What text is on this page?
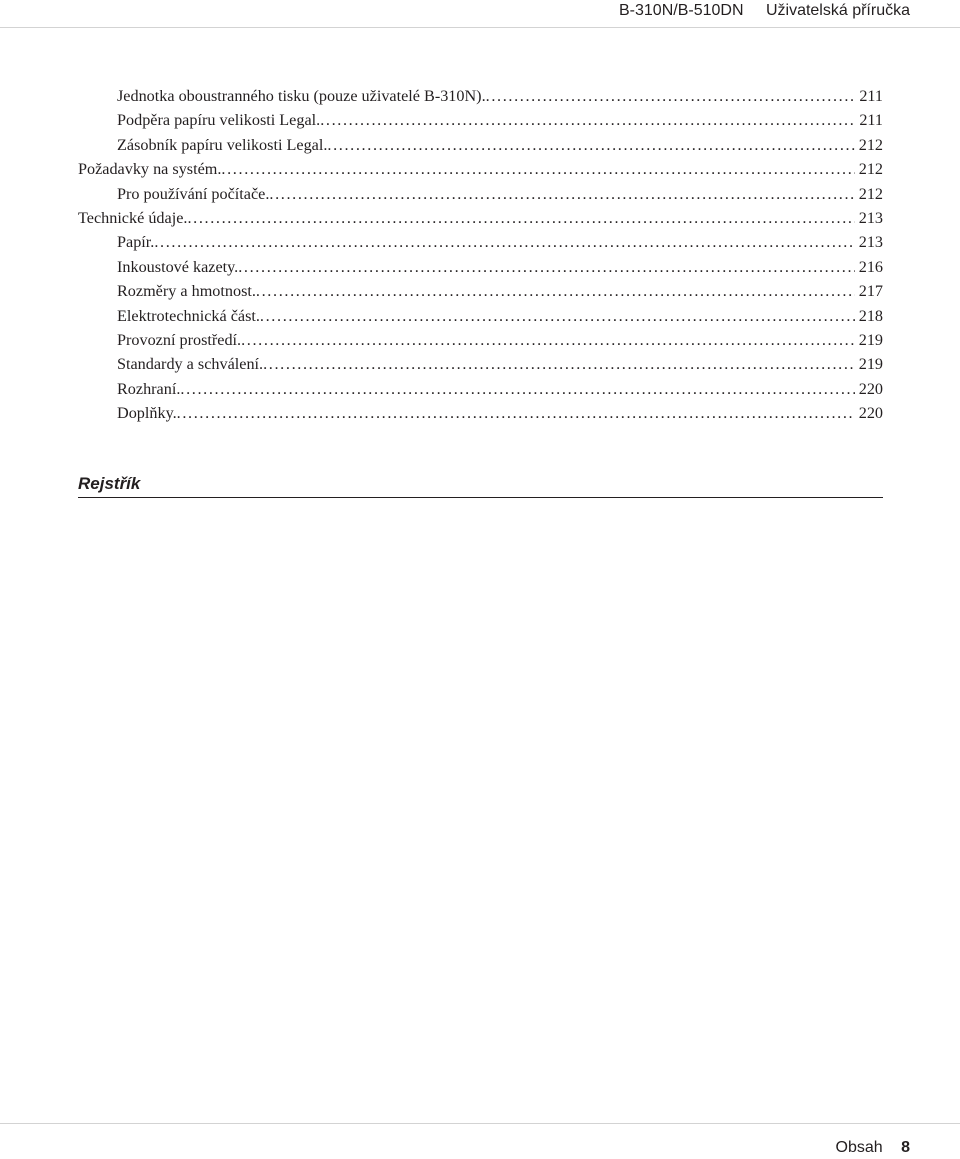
B-310N/B-510DN Uživatelská příručka
Jednotka oboustranného tisku (pouze uživatelé B-310N). . . .	211
Podpěra papíru velikosti Legal. . . .	211
Zásobník papíru velikosti Legal. . . .	212
Požadavky na systém. . . .	212
Pro používání počítače. . . .	212
Technické údaje. . . .	213
Papír. . . .	213
Inkoustové kazety. . . .	216
Rozměry a hmotnost. . . .	217
Elektrotechnická část. . . .	218
Provozní prostředí. . . .	219
Standardy a schválení. . . .	219
Rozhraní. . . .	220
Doplňky. . . .	220
Rejstřík
Obsah 8
